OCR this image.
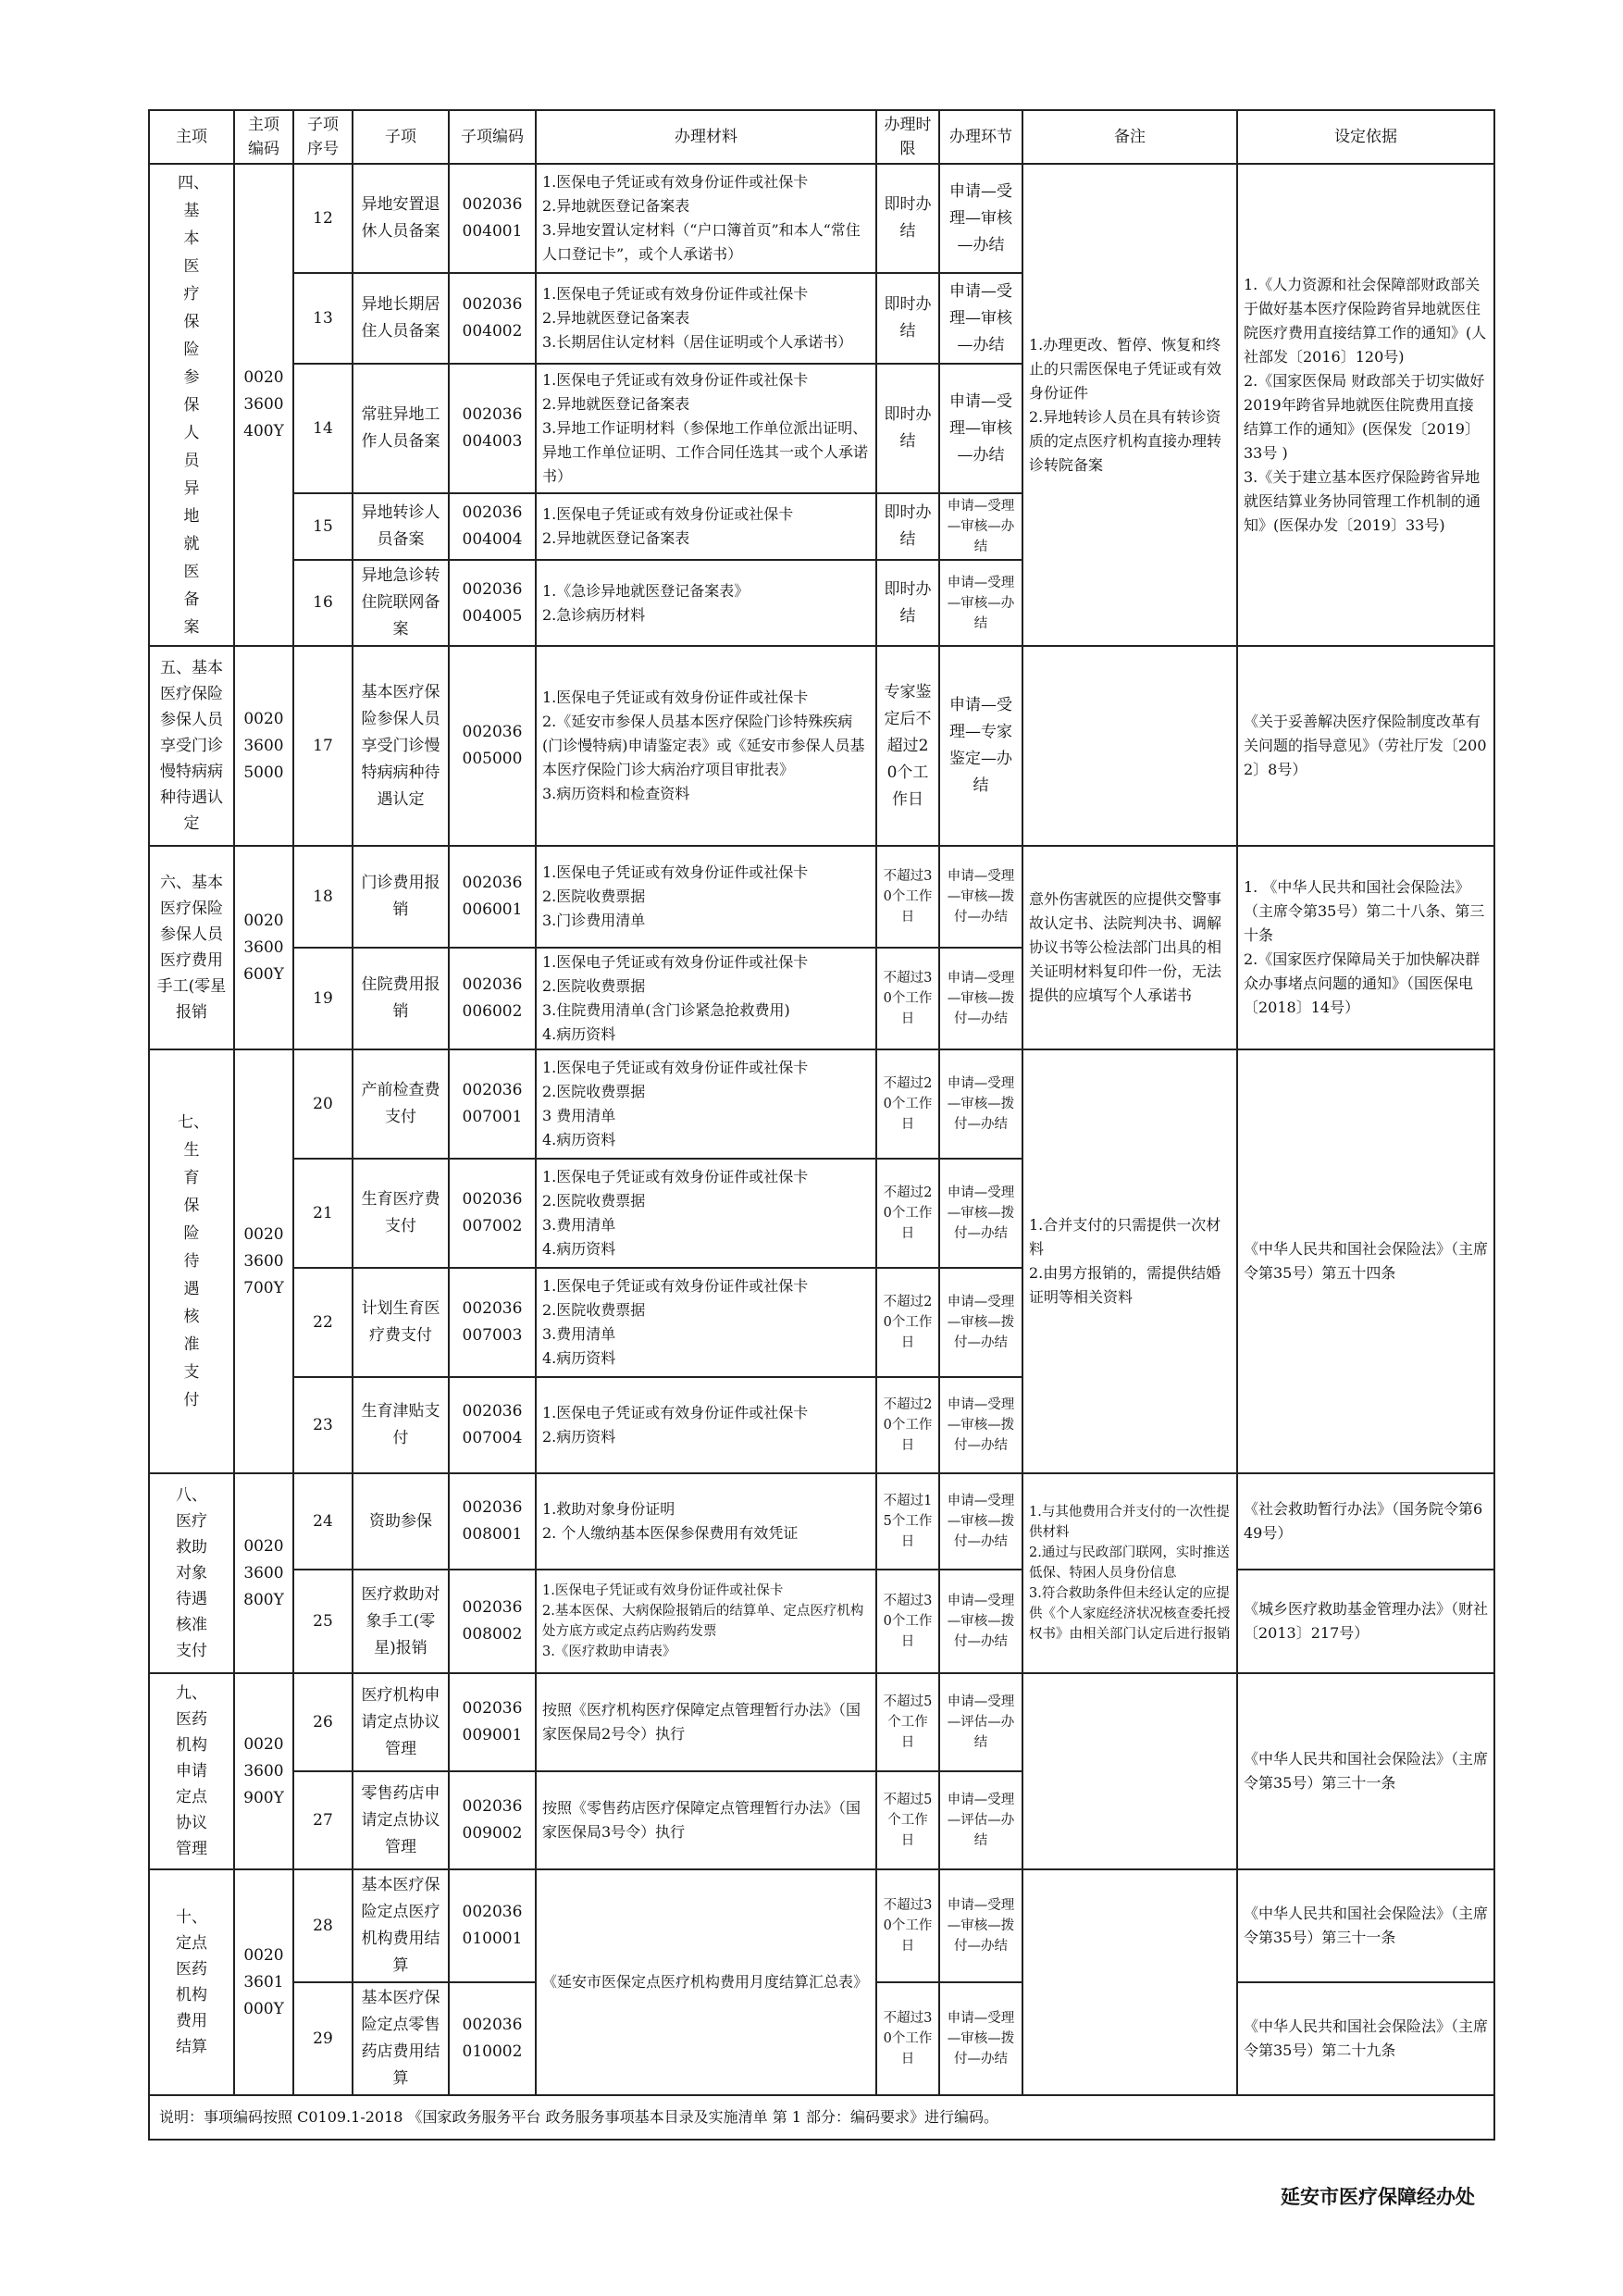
主项	主项编码	子项序号	子项	子项编码	办理材料	办理时限	办理环节	备注	设定依据
四、基本医疗保险参保人员异地就医备案	0020 3600 400Y	12	异地安置退休人员备案	002036 004001	1.医保电子凭证或有效身份证件或社保卡
2.异地就医登记备案表
3.异地安置认定材料（“户口簿首页”和本人“常住人口登记卡”，或个人承诺书）	即时办结	申请—受理—审核—办结	1.办理更改、暂停、恢复和终止的只需医保电子凭证或有效身份证件
2.异地转诊人员在具有转诊资质的定点医疗机构直接办理转诊转院备案	1.《人力资源和社会保障部财政部关于做好基本医疗保险跨省异地就医住院医疗费用直接结算工作的通知》(人社部发〔2016〕120号)
2.《国家医保局 财政部关于切实做好2019年跨省异地就医住院费用直接结算工作的通知》(医保发〔2019〕33号 )
3.《关于建立基本医疗保险跨省异地就医结算业务协同管理工作机制的通知》(医保办发〔2019〕33号)
		13	异地长期居住人员备案	002036 004002	1.医保电子凭证或有效身份证件或社保卡
2.异地就医登记备案表
3.长期居住认定材料（居住证明或个人承诺书）	即时办结	申请—受理—审核—办结		
		14	常驻异地工作人员备案	002036 004003	1.医保电子凭证或有效身份证件或社保卡
2.异地就医登记备案表
3.异地工作证明材料（参保地工作单位派出证明、异地工作单位证明、工作合同任选其一或个人承诺书）	即时办结	申请—受理—审核—办结		
		15	异地转诊人员备案	002036 004004	1.医保电子凭证或有效身份证或社保卡
2.异地就医登记备案表	即时办结	申请—受理—审核—办结		
		16	异地急诊转住院联网备案	002036 004005	1.《急诊异地就医登记备案表》
2.急诊病历材料	即时办结	申请—受理—审核—办结		
五、基本医疗保险参保人员享受门诊慢特病病种待遇认定	0020 3600 5000	17	基本医疗保险参保人员享受门诊慢特病病种待遇认定	002036 005000	1.医保电子凭证或有效身份证件或社保卡
2.《延安市参保人员基本医疗保险门诊特殊疾病(门诊慢特病)申请鉴定表》或《延安市参保人员基本医疗保险门诊大病治疗项目审批表》
3.病历资料和检查资料	专家鉴定后不超过20个工作日	申请—受理—专家鉴定—办结		《关于妥善解决医疗保险制度改革有关问题的指导意见》（劳社厅发〔2002〕8号）
六、基本医疗保险参保人员医疗费用手工(零星报销	0020 3600 600Y	18	门诊费用报销	002036 006001	1.医保电子凭证或有效身份证件或社保卡
2.医院收费票据
3.门诊费用清单	不超过30个工作日	申请—受理—审核—拨付—办结	意外伤害就医的应提供交警事故认定书、法院判决书、调解协议书等公检法部门出具的相关证明材料复印件一份，无法提供的应填写个人承诺书	1. 《中华人民共和国社会保险法》（主席令第35号）第二十八条、第三十条
2.《国家医疗保障局关于加快解决群众办事堵点问题的通知》（国医保电〔2018〕14号）
		19	住院费用报销	002036 006002	1.医保电子凭证或有效身份证件或社保卡
2.医院收费票据
3.住院费用清单(含门诊紧急抢救费用)
4.病历资料	不超过30个工作日	申请—受理—审核—拨付—办结		
七、生育保险待遇核准支付	0020 3600 700Y	20	产前检查费支付	002036 007001	1.医保电子凭证或有效身份证件或社保卡
2.医院收费票据
3 费用清单
4.病历资料	不超过20个工作日	申请—受理—审核—拨付—办结	1.合并支付的只需提供一次材料
2.由男方报销的，需提供结婚证明等相关资料	《中华人民共和国社会保险法》（主席令第35号）第五十四条
		21	生育医疗费支付	002036 007002	1.医保电子凭证或有效身份证件或社保卡
2.医院收费票据
3.费用清单
4.病历资料	不超过20个工作日	申请—受理—审核—拨付—办结		
		22	计划生育医疗费支付	002036 007003	1.医保电子凭证或有效身份证件或社保卡
2.医院收费票据
3.费用清单
4.病历资料	不超过20个工作日	申请—受理—审核—拨付—办结		
		23	生育津贴支付	002036 007004	1.医保电子凭证或有效身份证件或社保卡
2.病历资料	不超过20个工作日	申请—受理—审核—拨付—办结		
八、医疗救助对象待遇核准支付	0020 3600 800Y	24	资助参保	002036 008001	1.救助对象身份证明
2. 个人缴纳基本医保参保费用有效凭证	不超过15个工作日	申请—受理—审核—拨付—办结	1.与其他费用合并支付的一次性提供材料
2.通过与民政部门联网，实时推送低保、特困人员身份信息
3.符合救助条件但未经认定的应提供《个人家庭经济状况核查委托授权书》由相关部门认定后进行报销	《社会救助暂行办法》（国务院令第649号）
		25	医疗救助对象手工(零星)报销	002036 008002	1.医保电子凭证或有效身份证件或社保卡
2.基本医保、大病保险报销后的结算单、定点医疗机构处方底方或定点药店购药发票
3.《医疗救助申请表》	不超过30个工作日	申请—受理—审核—拨付—办结		《城乡医疗救助基金管理办法》（财社〔2013〕217号）
九、医药机构申请定点协议管理	0020 3600 900Y	26	医疗机构申请定点协议管理	002036 009001	按照《医疗机构医疗保障定点管理暂行办法》（国家医保局2号令）执行	不超过5个工作日	申请—受理—评估—办结		《中华人民共和国社会保险法》（主席令第35号）第三十一条
		27	零售药店申请定点协议管理	002036 009002	按照《零售药店医疗保障定点管理暂行办法》（国家医保局3号令）执行	不超过5个工作日	申请—受理—评估—办结		
十、定点医药机构费用结算	0020 3601 000Y	28	基本医疗保险定点医疗机构费用结算	002036 010001	《延安市医保定点医疗机构费用月度结算汇总表》	不超过30个工作日	申请—受理—审核—拨付—办结		《中华人民共和国社会保险法》（主席令第35号）第三十一条
		29	基本医疗保险定点零售药店费用结算	002036 010002		不超过30个工作日	申请—受理—审核—拨付—办结		《中华人民共和国社会保险法》（主席令第35号）第二十九条
说明：事项编码按照 C0109.1-2018 《国家政务服务平台 政务服务事项基本目录及实施清单 第 1 部分：编码要求》进行编码。									
延安市医疗保障经办处
